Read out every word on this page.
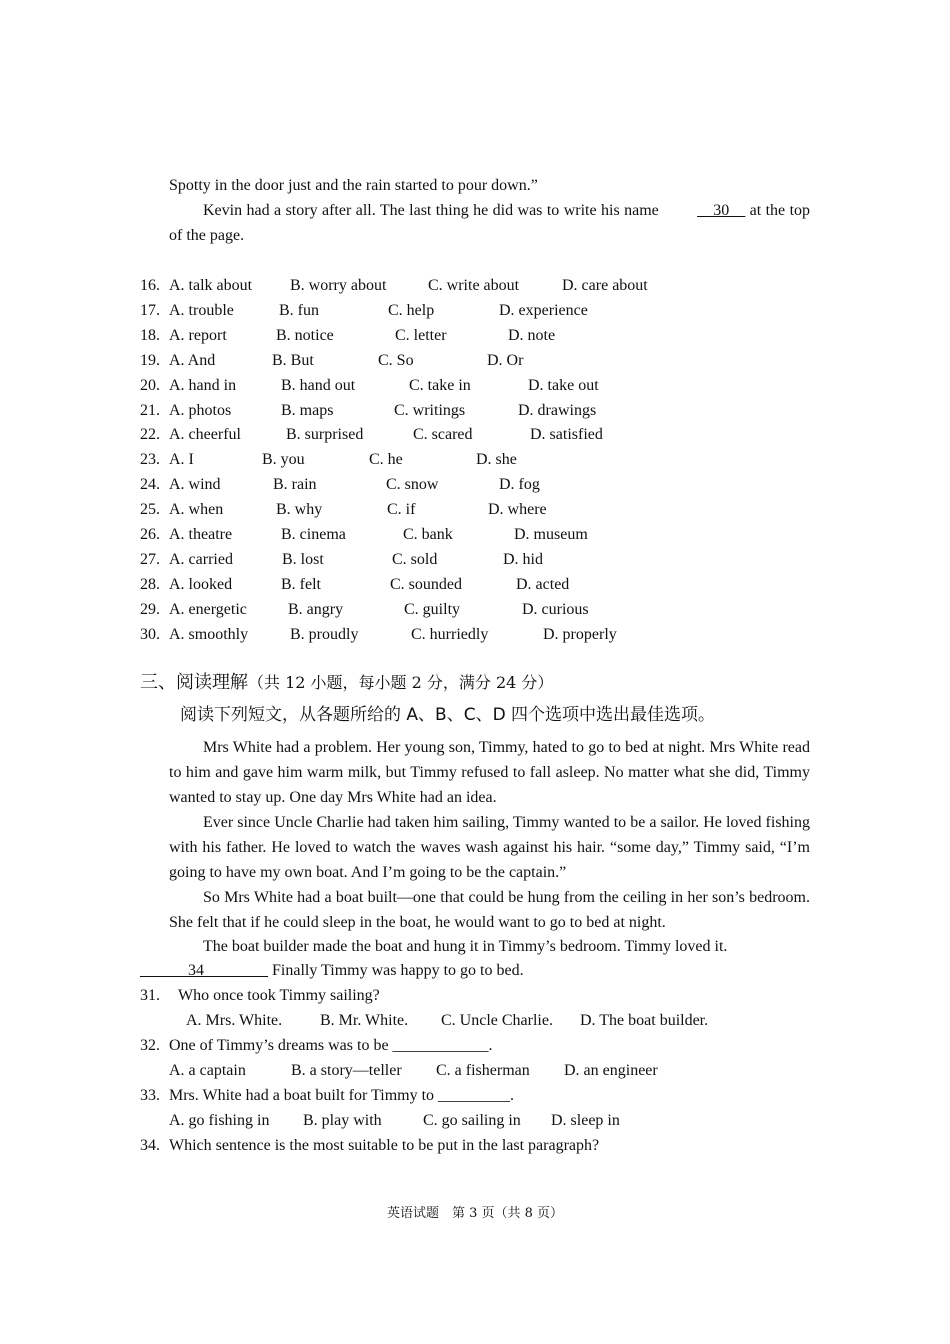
Spotty in the door just and the rain started to pour down.”
Kevin had a story after all. The last thing he did was to write his name __30__ at the top of the page.
16. A. talk about B. worry about	C. write about	D. care about
17. A. trouble	B. fun	C. help	D. experience
18. A. report	B. notice	C. letter	D. note
19. A. And	B. But	C. So	D. Or
20. A. hand in	B. hand out	C. take in	D. take out
21. A. photos	B. maps	C. writings	D. drawings
22. A. cheerful	B. surprised	C. scared	D. satisfied
23. A. I	B. you	C. he	D. she
24. A. wind	B. rain	C. snow	D. fog
25. A. when	B. why	C. if	D. where
26. A. theatre	B. cinema	C. bank	D. museum
27. A. carried	B. lost	C. sold	D. hid
28. A. looked	B. felt	C. sounded	D. acted
29. A. energetic	B. angry	C. guilty	D. curious
30. A. smoothly	B. proudly	C. hurriedly	D. properly
三、阅读理解（共 12 小题，每小题 2 分，满分 24 分）
阅读下列短文，从各题所给的 A、B、C、D 四个选项中选出最佳选项。
Mrs White had a problem. Her young son, Timmy, hated to go to bed at night. Mrs White read to him and gave him warm milk, but Timmy refused to fall asleep. No matter what she did, Timmy wanted to stay up. One day Mrs White had an idea.
Ever since Uncle Charlie had taken him sailing, Timmy wanted to be a sailor. He loved fishing with his father. He loved to watch the waves wash against his hair. “some day,” Timmy said, “I’m going to have my own boat. And I’m going to be the captain.”
So Mrs White had a boat built—one that could be hung from the ceiling in her son’s bedroom. She felt that if he could sleep in the boat, he would want to go to bed at night.
The boat builder made the boat and hung it in Timmy’s bedroom. Timmy loved it.
______34________ Finally Timmy was happy to go to bed.
31. Who once took Timmy sailing?
A. Mrs. White. B. Mr. White. C. Uncle Charlie. D. The boat builder.
32. One of Timmy’s dreams was to be ____________.
A. a captain	B. a story—teller C. a fisherman D. an engineer
33. Mrs. White had a boat built for Timmy to _________.
A. go fishing in B. play with	C. go sailing in D. sleep in
34. Which sentence is the most suitable to be put in the last paragraph?
英语试题　第 3 页（共 8 页）
